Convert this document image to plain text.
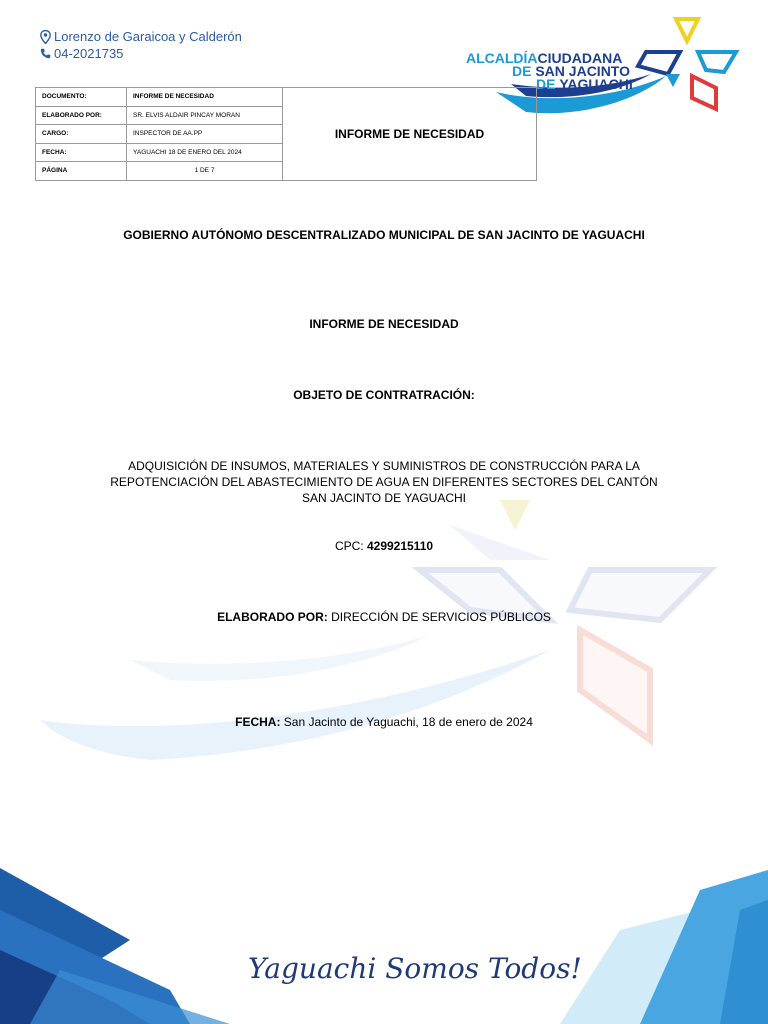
Lorenzo de Garaicoa y Calderón
04-2021735	ALCALDÍACIUDADANA
DE SAN JACINTO
DE YAGUACHI
DOCUMENTO:	INFORME DE NECESIDAD	INFORME DE NECESIDAD
ELABORADO POR:	SR. ELVIS ALDAIR PINCAY MORAN	
CARGO:	INSPECTOR DE AA.PP	
FECHA:	YAGUACHI 18 DE ENERO DEL 2024	
PÁGINA	1 DE 7	
GOBIERNO AUTÓNOMO DESCENTRALIZADO MUNICIPAL DE SAN JACINTO DE YAGUACHI
INFORME DE NECESIDAD
OBJETO DE CONTRATRACIÓN:
ADQUISICIÓN DE INSUMOS, MATERIALES Y SUMINISTROS DE CONSTRUCCIÓN PARA LA
REPOTENCIACIÓN DEL ABASTECIMIENTO DE AGUA EN DIFERENTES SECTORES DEL CANTÓN
SAN JACINTO DE YAGUACHI
CPC: 4299215110
ELABORADO POR: DIRECCIÓN DE SERVICIOS PÚBLICOS
FECHA: San Jacinto de Yaguachi, 18 de enero de 2024
Yaguachi Somos Todos!
